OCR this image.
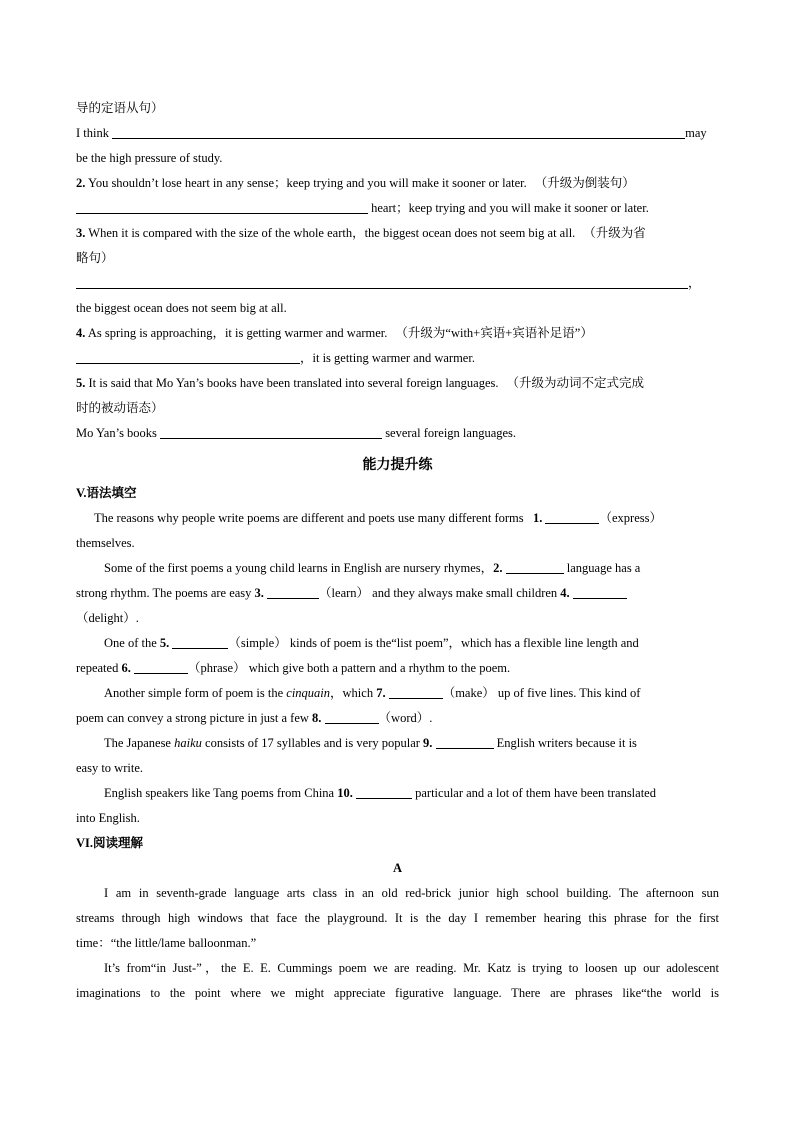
导的定语从句）
I think	may
be the high pressure of study.
2. You shouldn’t lose heart in any sense；keep trying and you will make it sooner or later. （升级为倒装句）
heart；keep trying and you will make it sooner or later.
3. When it is compared with the size of the whole earth，the biggest ocean does not seem big at all. （升级为省
略句）
，
the biggest ocean does not seem big at all.
4. As spring is approaching，it is getting warmer and warmer. （升级为“with+宾语+宾语补足语”）
，it is getting warmer and warmer.
5. It is said that Mo Yan’s books have been translated into several foreign languages. （升级为动词不定式完成
时的被动语态）
Mo Yan’s books	several foreign languages.
能力提升练
V.语法填空
The reasons why people write poems are different and poets use many different forms 1.	（express）
themselves.
Some of the first poems a young child learns in English are nursery rhymes，2.	language has a
strong rhythm. The poems are easy 3.	（learn） and they always make small children 4.
（delight）.
One of the 5.	（simple） kinds of poem is the“list poem”，which has a flexible line length and
repeated 6.	（phrase） which give both a pattern and a rhythm to the poem.
Another simple form of poem is the cinquain，which 7.	（make） up of five lines. This kind of
poem can convey a strong picture in just a few 8.	（word）.
The Japanese haiku consists of 17 syllables and is very popular 9.	English writers because it is
easy to write.
English speakers like Tang poems from China 10.	particular and a lot of them have been translated
into English.
VI.阅读理解
A
I am in seventh-grade language arts class in an old red-brick junior high school building. The afternoon sun
streams through high windows that face the playground. It is the day I remember hearing this phrase for the first
time：“the little/lame balloonman.”
It’s from“in Just-”，the E. E. Cummings poem we are reading. Mr. Katz is trying to loosen up our adolescent
imaginations to the point where we might appreciate figurative language. There are phrases like“the world is
